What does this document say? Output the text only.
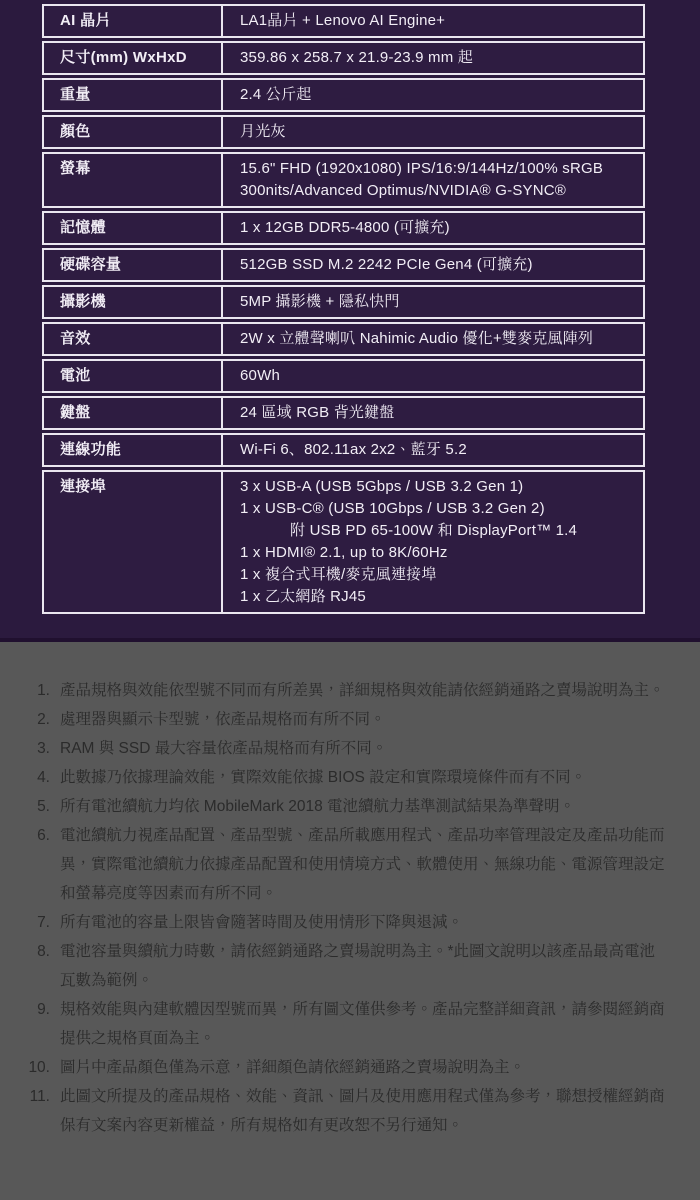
AI 晶片	LA1晶片 + Lenovo AI Engine+
尺寸(mm) WxHxD	359.86 x 258.7 x 21.9-23.9 mm 起
重量	2.4 公斤起
顏色	月光灰
螢幕	15.6" FHD (1920x1080) IPS/16:9/144Hz/100% sRGB
300nits/Advanced Optimus/NVIDIA® G-SYNC®
記憶體	1 x 12GB DDR5-4800 (可擴充)
硬碟容量	512GB SSD M.2 2242 PCIe Gen4 (可擴充)
攝影機	5MP 攝影機 + 隱私快門
音效	2W x 立體聲喇叭 Nahimic Audio 優化+雙麥克風陣列
電池	60Wh
鍵盤	24 區域 RGB 背光鍵盤
連線功能	Wi-Fi 6、802.11ax 2x2、藍牙 5.2
連接埠	3 x USB-A (USB 5Gbps / USB 3.2 Gen 1)
1 x USB-C® (USB 10Gbps / USB 3.2 Gen 2)
附 USB PD 65-100W 和 DisplayPort™ 1.4
1 x HDMI® 2.1, up to 8K/60Hz
1 x 複合式耳機/麥克風連接埠
1 x 乙太網路 RJ45
1. 產品規格與效能依型號不同而有所差異，詳細規格與效能請依經銷通路之賣場說明為主。
2. 處理器與顯示卡型號，依產品規格而有所不同。
3. RAM 與 SSD 最大容量依產品規格而有所不同。
4. 此數據乃依據理論效能，實際效能依據 BIOS 設定和實際環境條件而有不同。
5. 所有電池續航力均依 MobileMark 2018 電池續航力基準測試結果為準聲明。
6. 電池續航力視產品配置、產品型號、產品所載應用程式、產品功率管理設定及產品功能而異，實際電池續航力依據產品配置和使用情境方式、軟體使用、無線功能、電源管理設定和螢幕亮度等因素而有所不同。
7. 所有電池的容量上限皆會隨著時間及使用情形下降與退減。
8. 電池容量與續航力時數，請依經銷通路之賣場說明為主。*此圖文說明以該產品最高電池瓦數為範例。
9. 規格效能與內建軟體因型號而異，所有圖文僅供參考。產品完整詳細資訊，請參閱經銷商提供之規格頁面為主。
10. 圖片中產品顏色僅為示意，詳細顏色請依經銷通路之賣場說明為主。
11. 此圖文所提及的產品規格、效能、資訊、圖片及使用應用程式僅為參考，聯想授權經銷商保有文案內容更新權益，所有規格如有更改恕不另行通知。
